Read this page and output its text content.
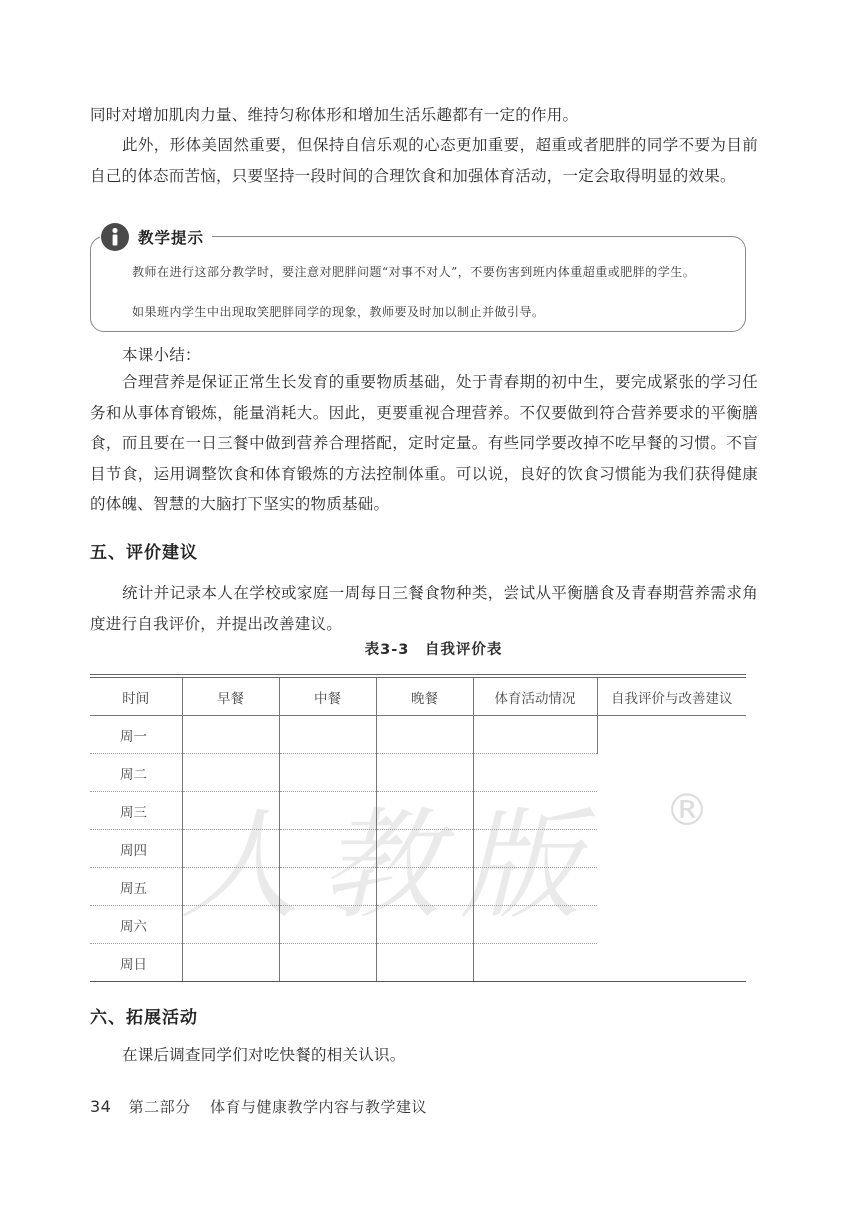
同时对增加肌肉力量、维持匀称体形和增加生活乐趣都有一定的作用。

此外，形体美固然重要，但保持自信乐观的心态更加重要，超重或者肥胖的同学不要为目前自己的体态而苦恼，只要坚持一段时间的合理饮食和加强体育活动，一定会取得明显的效果。

教学提示

教师在进行这部分教学时，要注意对肥胖问题“对事不对人”，不要伤害到班内体重超重或肥胖的学生。

如果班内学生中出现取笑肥胖同学的现象，教师要及时加以制止并做引导。

本课小结：

合理营养是保证正常生长发育的重要物质基础，处于青春期的初中生，要完成紧张的学习任务和从事体育锻炼，能量消耗大。因此，更要重视合理营养。不仅要做到符合营养要求的平衡膳食，而且要在一日三餐中做到营养合理搭配，定时定量。有些同学要改掉不吃早餐的习惯。不盲目节食，运用调整饮食和体育锻炼的方法控制体重。可以说，良好的饮食习惯能为我们获得健康的体魄、智慧的大脑打下坚实的物质基础。

五、评价建议

统计并记录本人在学校或家庭一周每日三餐食物种类，尝试从平衡膳食及青春期营养需求角度进行自我评价，并提出改善建议。

表3-3　自我评价表
人教版 ®
时间	早餐	中餐	晚餐	体育活动情况	自我评价与改善建议
周一					
周二					
周三					
周四					
周五					
周六					
周日					
六、拓展活动

在课后调查同学们对吃快餐的相关认识。

34 第二部分 体育与健康教学内容与教学建议
